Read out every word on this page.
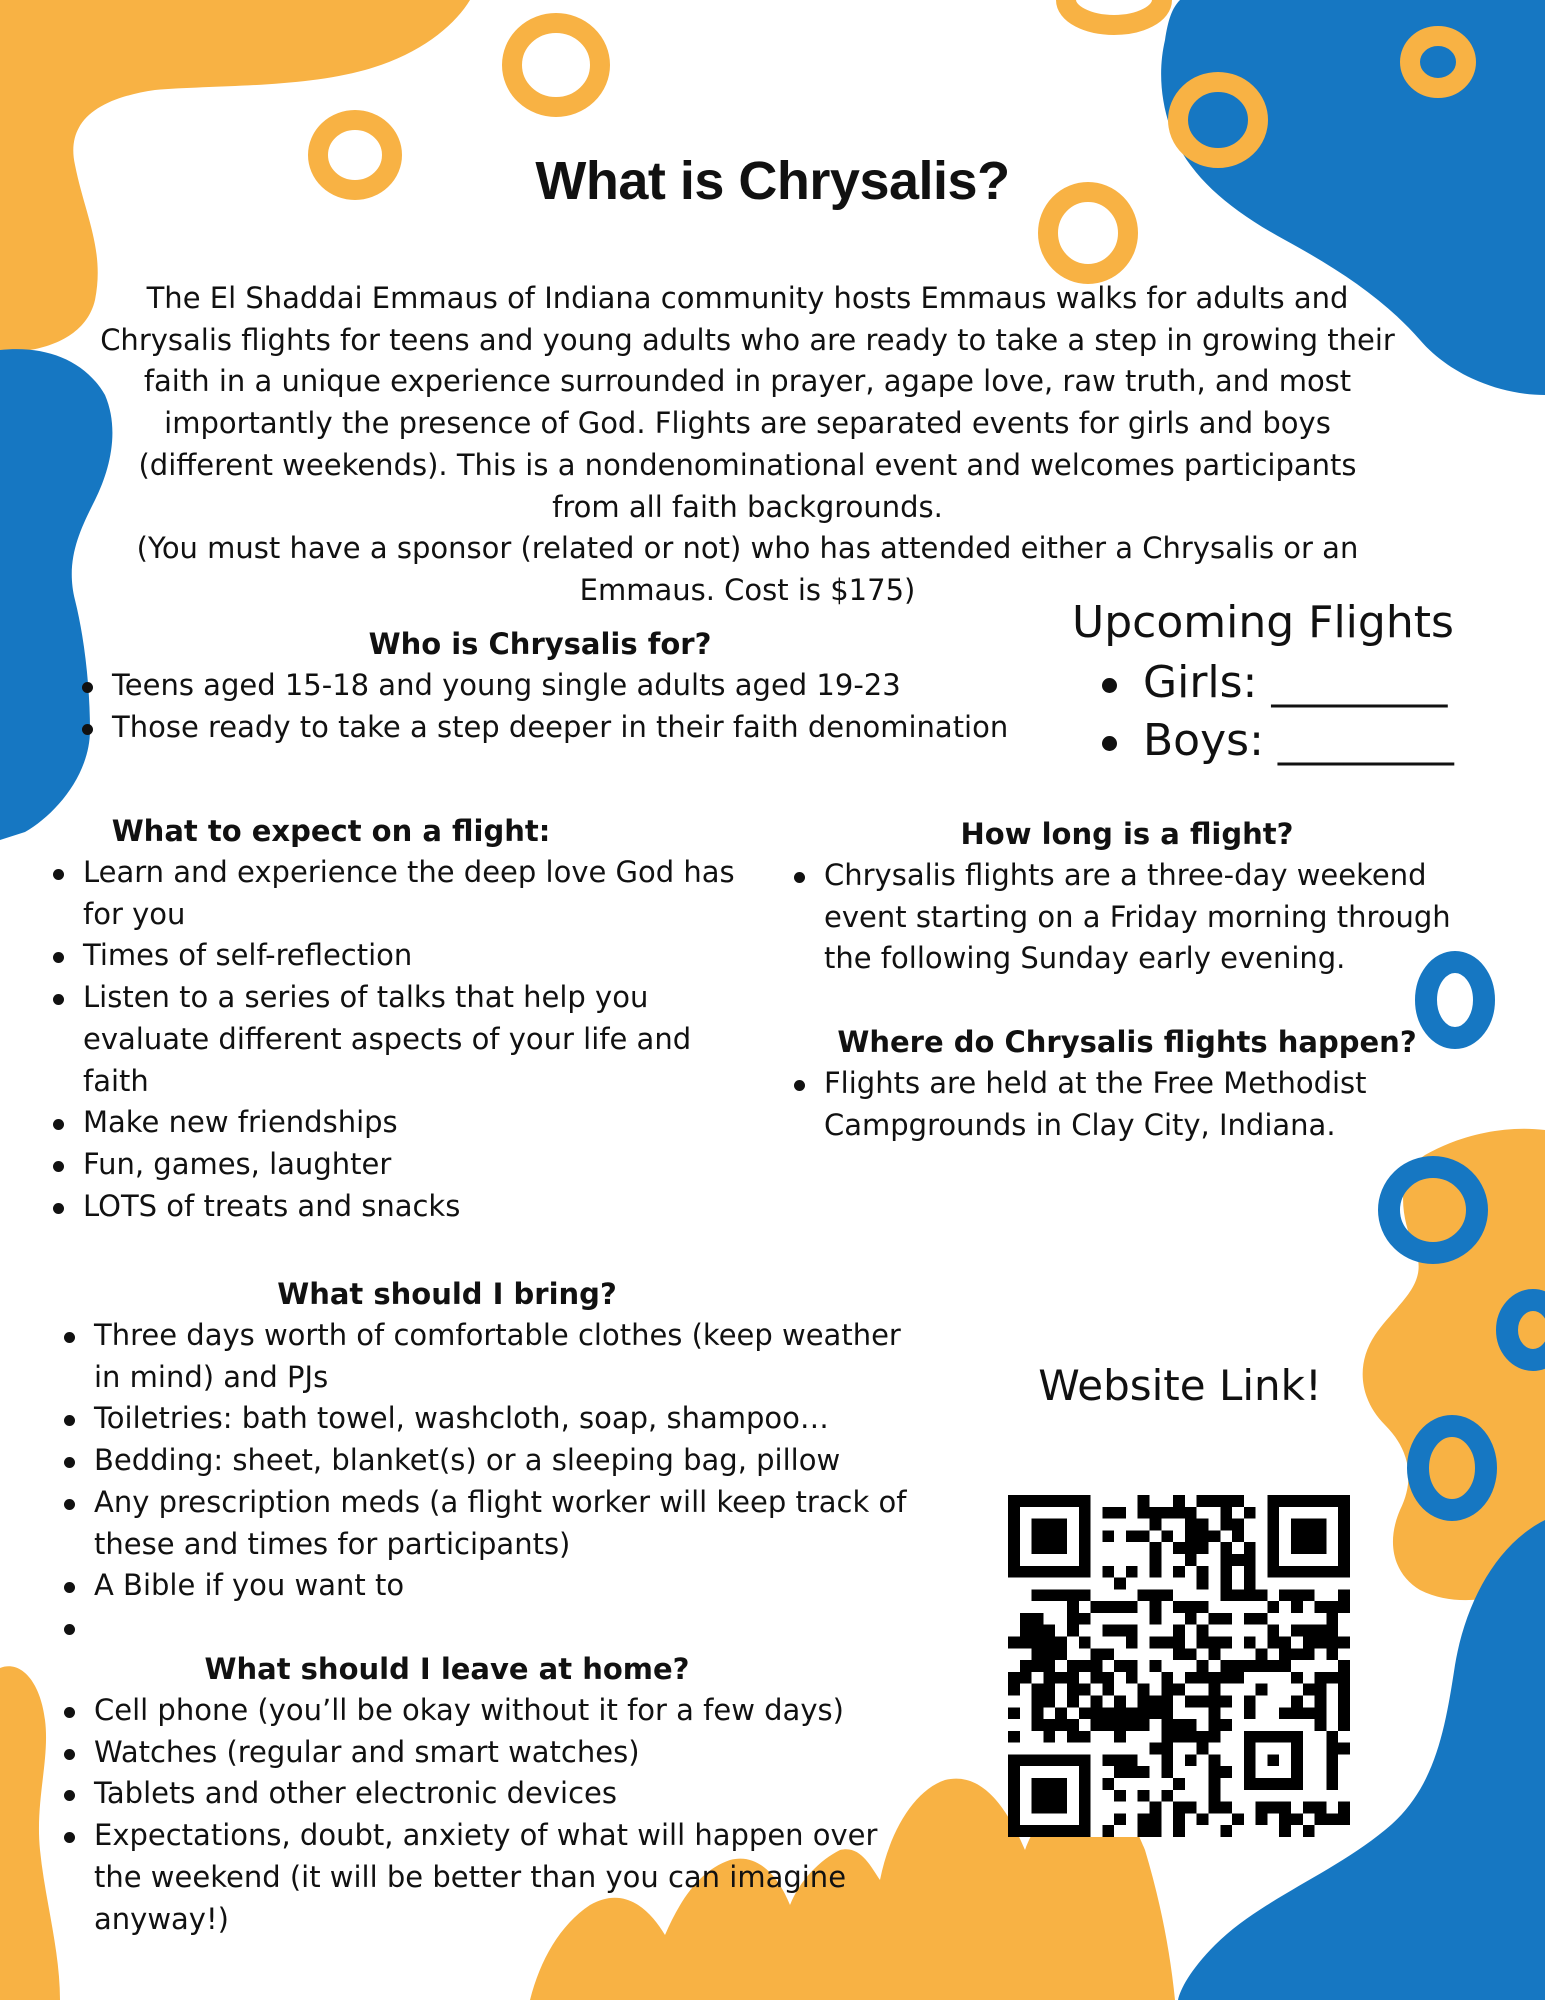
What is Chrysalis?
The El Shaddai Emmaus of Indiana community hosts Emmaus walks for adults and
Chrysalis flights for teens and young adults who are ready to take a step in growing their
faith in a unique experience surrounded in prayer, agape love, raw truth, and most
importantly the presence of God. Flights are separated events for girls and boys
(different weekends). This is a nondenominational event and welcomes participants
from all faith backgrounds.
(You must have a sponsor (related or not) who has attended either a Chrysalis or an
Emmaus. Cost is $175)
Who is Chrysalis for?
Teens aged 15-18 and young single adults aged 19-23
Those ready to take a step deeper in their faith denomination
Upcoming Flights
Girls: ________
Boys: ________
What to expect on a flight:
Learn and experience the deep love God has for you
Times of self-reflection
Listen to a series of talks that help you evaluate different aspects of your life and faith
Make new friendships
Fun, games, laughter
LOTS of treats and snacks
How long is a flight?
Chrysalis flights are a three-day weekend event starting on a Friday morning through the following Sunday early evening.
Where do Chrysalis flights happen?
Flights are held at the Free Methodist Campgrounds in Clay City, Indiana.
What should I bring?
Three days worth of comfortable clothes (keep weather in mind) and PJs
Toiletries: bath towel, washcloth, soap, shampoo…
Bedding: sheet, blanket(s) or a sleeping bag, pillow
Any prescription meds (a flight worker will keep track of these and times for participants)
A Bible if you want to
What should I leave at home?
Cell phone (you’ll be okay without it for a few days)
Watches (regular and smart watches)
Tablets and other electronic devices
Expectations, doubt, anxiety of what will happen over the weekend (it will be better than you can imagine anyway!)
Website Link!
